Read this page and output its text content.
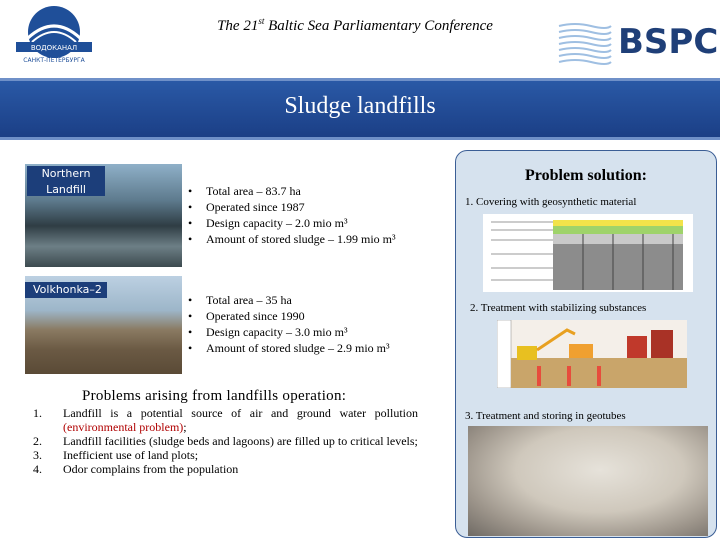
ВОДОКАНАЛ
САНКТ-ПЕТЕРБУРГА
The 21st Baltic Sea Parliamentary Conference	BSPC
Sludge landfills
Northern Landfill
•	Total area – 83.7 ha
• Operated since 1987
• Design capacity – 2.0 mio m³
• Amount of stored sludge – 1.99 mio m³
Volkhonka–2
• Total area – 35 ha
• Operated since 1990
• Design capacity – 3.0 mio m³
• Amount of stored sludge – 2.9 mio m³
Problems arising from landfills operation:
1. Landfill is a potential source of air and ground water pollution (environmental problem);
2. Landfill facilities (sludge beds and lagoons) are filled up to critical levels;
3. Inefficient use of land plots;
4. Odor complains from the population
Problem solution:
1. Covering with geosynthetic material
2. Treatment with stabilizing substances
3. Treatment and storing in geotubes
